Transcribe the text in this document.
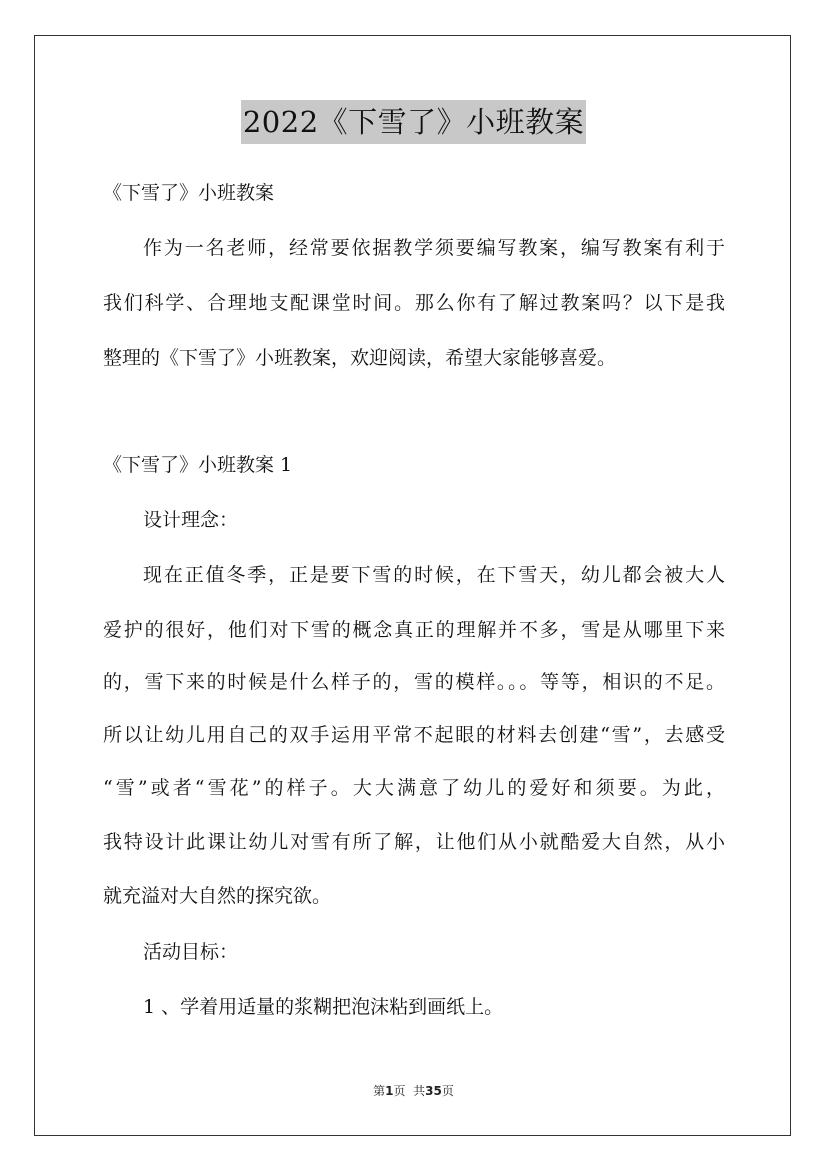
2022《下雪了》小班教案
《下雪了》小班教案
作为一名老师，经常要依据教学须要编写教案，编写教案有利于
我们科学、合理地支配课堂时间。那么你有了解过教案吗？以下是我
整理的《下雪了》小班教案，欢迎阅读，希望大家能够喜爱。
《下雪了》小班教案 1
设计理念：
现在正值冬季，正是要下雪的时候，在下雪天，幼儿都会被大人
爱护的很好，他们对下雪的概念真正的理解并不多，雪是从哪里下来
的，雪下来的时候是什么样子的，雪的模样。。。等等，相识的不足。
所以让幼儿用自己的双手运用平常不起眼的材料去创建“雪”，去感受
“雪”或者“雪花”的样子。大大满意了幼儿的爱好和须要。为此，
我特设计此课让幼儿对雪有所了解，让他们从小就酷爱大自然，从小
就充溢对大自然的探究欲。
活动目标：
1 、学着用适量的浆糊把泡沫粘到画纸上。
第1页  共35页
